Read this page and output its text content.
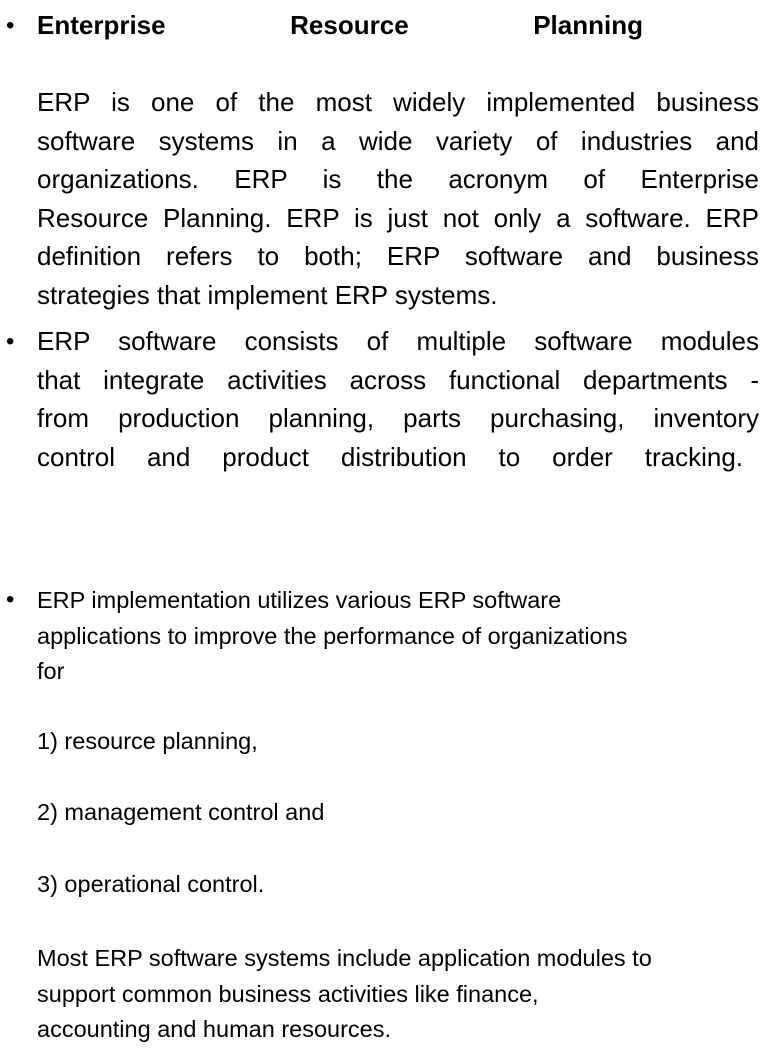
• Enterprise	Resource	Planning
ERP is one of the most widely implemented business
software systems in a wide variety of industries and
organizations. ERP is the acronym of Enterprise
Resource Planning. ERP is just not only a software. ERP
definition refers to both; ERP software and business
strategies that implement ERP systems.
• ERP software consists of multiple software modules
that integrate activities across functional departments -
from production planning, parts purchasing, inventory
control and product distribution to order tracking.
• ERP implementation utilizes various ERP software
applications to improve the performance of organizations
for
1) resource planning,
2) management control and
3) operational control.
Most ERP software systems include application modules to
support common business activities like finance,
accounting and human resources.
